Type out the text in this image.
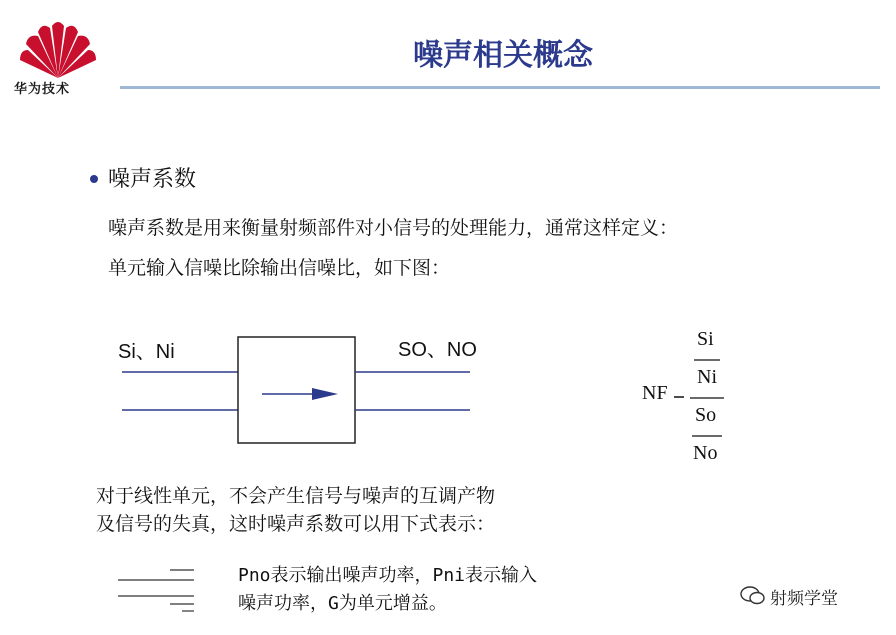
华为技术
噪声相关概念
噪声系数
噪声系数是用来衡量射频部件对小信号的处理能力，通常这样定义：
单元输入信噪比除输出信噪比，如下图：
Si、Ni	SO、NO
NF
Si
Ni
So
No
对于线性单元，不会产生信号与噪声的互调产物
及信号的失真，这时噪声系数可以用下式表示：
Pno表示输出噪声功率，Pni表示输入
噪声功率，G为单元增益。	射频学堂
